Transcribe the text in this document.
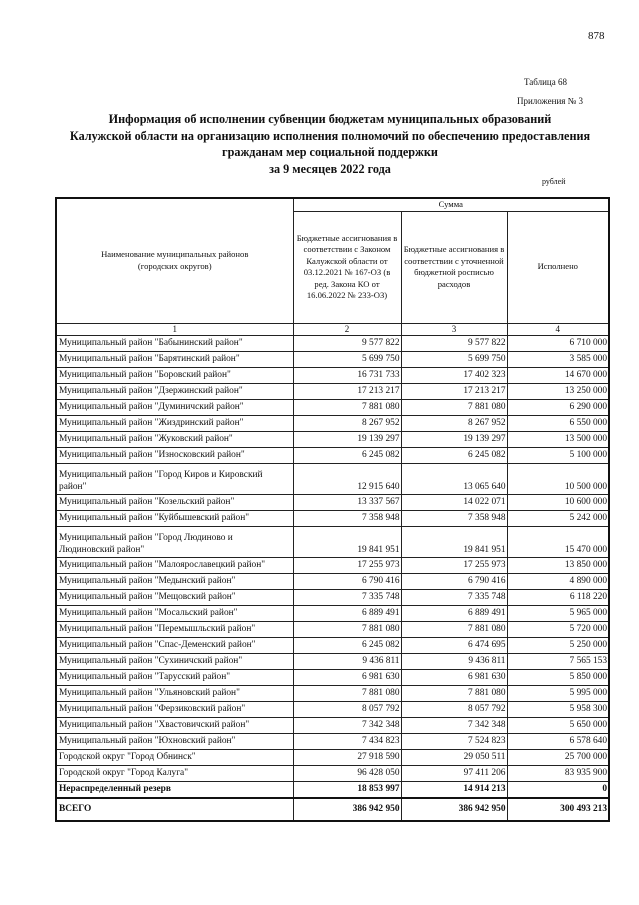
878
Таблица 68
Приложения № 3
Информация об исполнении субвенции бюджетам муниципальных образований
Калужской области на организацию исполнения полномочий по обеспечению предоставления
гражданам мер социальной поддержки
за 9 месяцев 2022 года
рублей
Наименование муниципальных районов (городских округов)	Сумма		
	Бюджетные ассигнования в соответствии с Законом Калужской области от 03.12.2021 № 167-ОЗ (в ред. Закона КО от 16.06.2022 № 233-ОЗ)	Бюджетные ассигнования в соответствии с уточненной бюджетной росписью расходов	Исполнено
1	2	3	4
Муниципальный район "Бабынинский район"	9 577 822	9 577 822	6 710 000
Муниципальный район "Барятинский район"	5 699 750	5 699 750	3 585 000
Муниципальный район "Боровский район"	16 731 733	17 402 323	14 670 000
Муниципальный район "Дзержинский район"	17 213 217	17 213 217	13 250 000
Муниципальный район "Думиничский район"	7 881 080	7 881 080	6 290 000
Муниципальный район "Жиздринский район"	8 267 952	8 267 952	6 550 000
Муниципальный район "Жуковский район"	19 139 297	19 139 297	13 500 000
Муниципальный район "Износковский район"	6 245 082	6 245 082	5 100 000
Муниципальный район "Город Киров и Кировский район"	12 915 640	13 065 640	10 500 000
Муниципальный район "Козельский район"	13 337 567	14 022 071	10 600 000
Муниципальный район "Куйбышевский район"	7 358 948	7 358 948	5 242 000
Муниципальный район "Город Людиново и Людиновский район"	19 841 951	19 841 951	15 470 000
Муниципальный район "Малоярославецкий район"	17 255 973	17 255 973	13 850 000
Муниципальный район "Медынский район"	6 790 416	6 790 416	4 890 000
Муниципальный район "Мещовский район"	7 335 748	7 335 748	6 118 220
Муниципальный район "Мосальский район"	6 889 491	6 889 491	5 965 000
Муниципальный район "Перемышльский район"	7 881 080	7 881 080	5 720 000
Муниципальный район "Спас-Деменский район"	6 245 082	6 474 695	5 250 000
Муниципальный район "Сухиничский район"	9 436 811	9 436 811	7 565 153
Муниципальный район "Тарусский район"	6 981 630	6 981 630	5 850 000
Муниципальный район "Ульяновский район"	7 881 080	7 881 080	5 995 000
Муниципальный район "Ферзиковский район"	8 057 792	8 057 792	5 958 300
Муниципальный район "Хвастовичский район"	7 342 348	7 342 348	5 650 000
Муниципальный район "Юхновский район"	7 434 823	7 524 823	6 578 640
Городской округ "Город Обнинск"	27 918 590	29 050 511	25 700 000
Городской округ "Город Калуга"	96 428 050	97 411 206	83 935 900
Нераспределенный резерв	18 853 997	14 914 213	0
ВСЕГО	386 942 950	386 942 950	300 493 213
